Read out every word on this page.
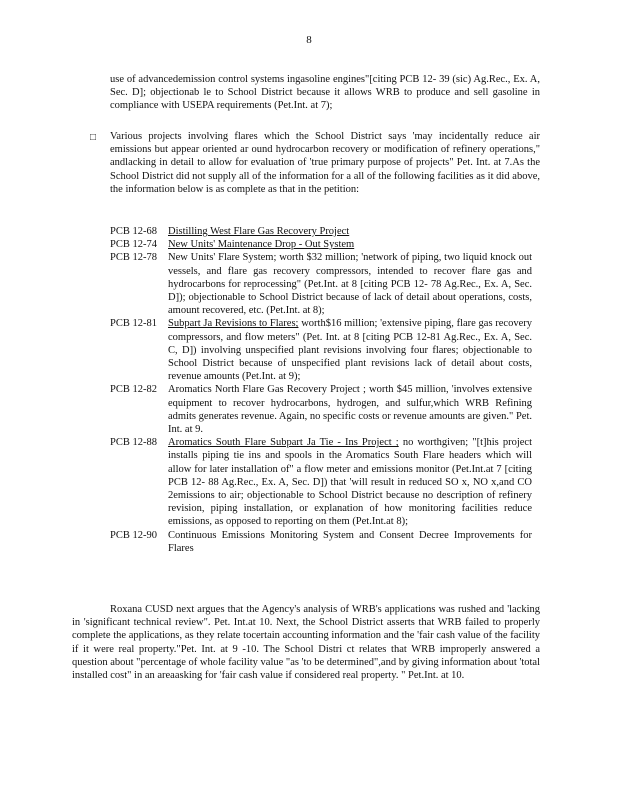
8
use of advancedemission control systems ingasoline engines"[citing PCB 12- 39 (sic) Ag.Rec., Ex. A, Sec. D]; objectionab le to School District because it allows WRB to produce and sell gasoline in compliance with USEPA requirements (Pet.Int. at 7);
□ Various projects involving flares which the School District says 'may incidentally reduce air emissions but appear oriented ar ound hydrocarbon recovery or modification of refinery operations," andlacking in detail to allow for evaluation of 'true primary purpose of projects" Pet. Int. at 7.As the School District did not supply all of the information for a all of the following facilities as it did above, the information below is as complete as that in the petition:
PCB 12-68 Distilling West Flare Gas Recovery Project
PCB 12-74 New Units' Maintenance Drop - Out System
PCB 12-78 New Units' Flare System; worth $32 million; 'network of piping, two liquid knock out vessels, and flare gas recovery compressors, intended to recover flare gas and hydrocarbons for reprocessing" (Pet.Int. at 8 [citing PCB 12- 78 Ag.Rec., Ex. A, Sec. D]); objectionable to School District because of lack of detail about operations, costs, amount recovered, etc. (Pet.Int. at 8);
PCB 12-81 Subpart Ja Revisions to Flares; worth$16 million; 'extensive piping, flare gas recovery compressors, and flow meters" (Pet. Int. at 8 [citing PCB 12-81 Ag.Rec., Ex. A, Sec. C, D]) involving unspecified plant revisions involving four flares; objectionable to School District because of unspecified plant revisions lack of detail about costs, revenue amounts (Pet.Int. at 9);
PCB 12-82 Aromatics North Flare Gas Recovery Project ; worth $45 million, 'involves extensive equipment to recover hydrocarbons, hydrogen, and sulfur,which WRB Refining admits generates revenue. Again, no specific costs or revenue amounts are given." Pet. Int. at 9.
PCB 12-88 Aromatics South Flare Subpart Ja Tie - Ins Project ; no worthgiven; "[t]his project installs piping tie ins and spools in the Aromatics South Flare headers which will allow for later installation of" a flow meter and emissions monitor (Pet.Int.at 7 [citing PCB 12- 88 Ag.Rec., Ex. A, Sec. D]) that 'will result in reduced SO x, NO x,and CO 2emissions to air; objectionable to School District because no description of refinery revision, piping installation, or explanation of how monitoring facilities reduce emissions, as opposed to reporting on them (Pet.Int.at 8);
PCB 12-90 Continuous Emissions Monitoring System and Consent Decree Improvements for Flares
Roxana CUSD next argues that the Agency's analysis of WRB's applications was rushed and 'lacking in 'significant technical review". Pet. Int.at 10. Next, the School District asserts that WRB failed to properly complete the applications, as they relate tocertain accounting information and the 'fair cash value of the facility if it were real property."Pet. Int. at 9 -10. The School Distri ct relates that WRB improperly answered a question about "percentage of whole facility value "as 'to be determined",and by giving information about 'total installed cost" in an areaasking for 'fair cash value if considered real property. " Pet.Int. at 10.
